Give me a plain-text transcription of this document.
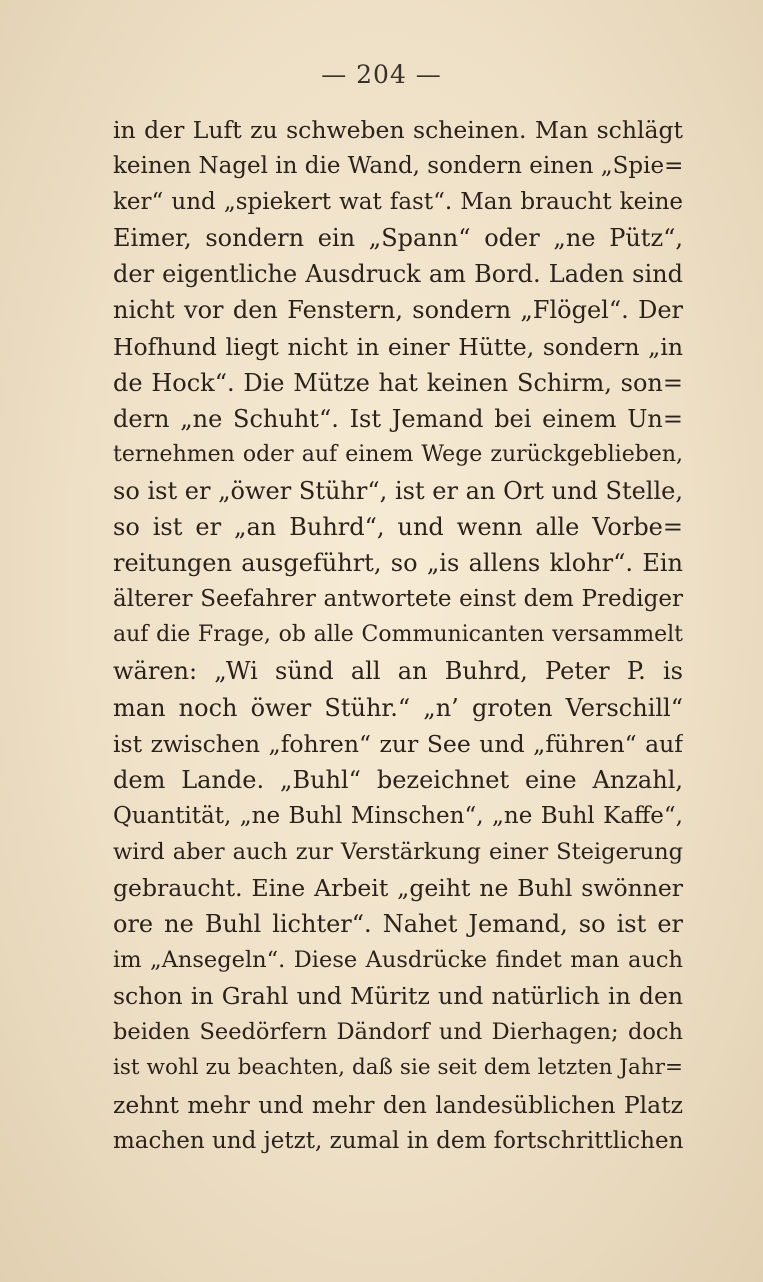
— 204 —
in der Luft zu schweben scheinen. Man schlägt
keinen Nagel in die Wand, sondern einen „Spie=
ker“ und „spiekert wat fast“. Man braucht keine
Eimer, sondern ein „Spann“ oder „ne Pütz“,
der eigentliche Ausdruck am Bord. Laden sind
nicht vor den Fenstern, sondern „Flögel“. Der
Hofhund liegt nicht in einer Hütte, sondern „in
de Hock“. Die Mütze hat keinen Schirm, son=
dern „ne Schuht“. Ist Jemand bei einem Un=
ternehmen oder auf einem Wege zurückgeblieben,
so ist er „öwer Stühr“, ist er an Ort und Stelle,
so ist er „an Buhrd“, und wenn alle Vorbe=
reitungen ausgeführt, so „is allens klohr“. Ein
älterer Seefahrer antwortete einst dem Prediger
auf die Frage, ob alle Communicanten versammelt
wären: „Wi sünd all an Buhrd, Peter P. is
man noch öwer Stühr.“ „n’ groten Verschill“
ist zwischen „fohren“ zur See und „führen“ auf
dem Lande. „Buhl“ bezeichnet eine Anzahl,
Quantität, „ne Buhl Minschen“, „ne Buhl Kaffe“,
wird aber auch zur Verstärkung einer Steigerung
gebraucht. Eine Arbeit „geiht ne Buhl swönner
ore ne Buhl lichter“. Nahet Jemand, so ist er
im „Ansegeln“. Diese Ausdrücke findet man auch
schon in Grahl und Müritz und natürlich in den
beiden Seedörfern Dändorf und Dierhagen; doch
ist wohl zu beachten, daß sie seit dem letzten Jahr=
zehnt mehr und mehr den landesüblichen Platz
machen und jetzt, zumal in dem fortschrittlichen
